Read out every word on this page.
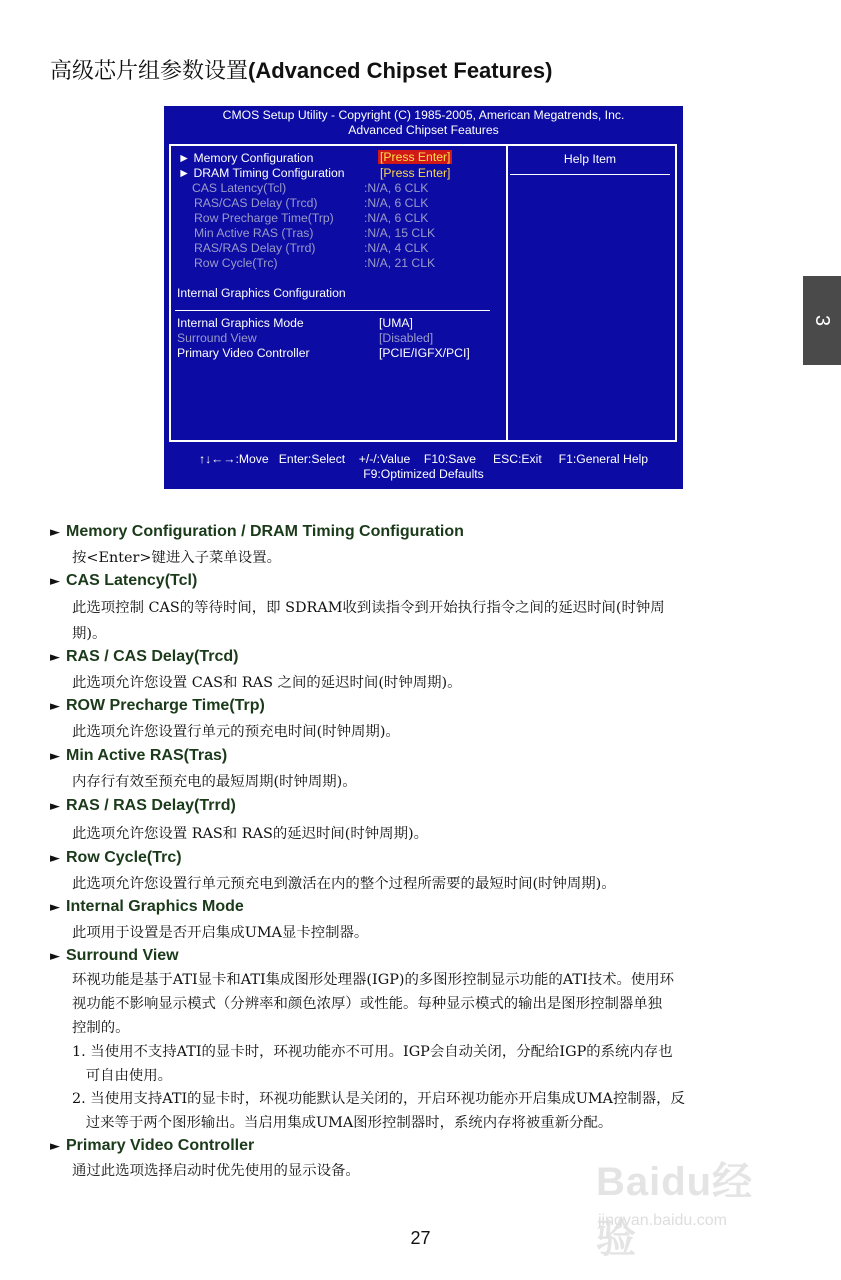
高级芯片组参数设置(Advanced Chipset Features)
3
CMOS Setup Utility - Copyright (C) 1985-2005, American Megatrends, Inc.
Advanced Chipset Features
Help Item
► Memory Configuration	[Press Enter]
► DRAM Timing Configuration	[Press Enter]
CAS Latency(Tcl)	:N/A, 6 CLK
RAS/CAS Delay (Trcd)	:N/A, 6 CLK
Row Precharge Time(Trp) :N/A, 6 CLK
Min Active RAS (Tras)	:N/A, 15 CLK
RAS/RAS Delay (Trrd)	:N/A, 4 CLK
Row Cycle(Trc)	:N/A, 21 CLK
Internal Graphics Configuration
Internal Graphics Mode	[UMA]
Surround View	[Disabled]
Primary Video Controller	[PCIE/IGFX/PCI]
↑↓←→:Move   Enter:Select    +/-/:Value    F10:Save     ESC:Exit     F1:General Help
F9:Optimized Defaults
► Memory Configuration / DRAM Timing Configuration
按<Enter>键进入子菜单设置。
► CAS Latency(Tcl)
此选项控制 CAS的等待时间，即 SDRAM收到读指令到开始执行指令之间的延迟时间(时钟周
期)。
► RAS / CAS Delay(Trcd)
此选项允许您设置 CAS和 RAS 之间的延迟时间(时钟周期)。
► ROW Precharge Time(Trp)
此选项允许您设置行单元的预充电时间(时钟周期)。
► Min Active RAS(Tras)
内存行有效至预充电的最短周期(时钟周期)。
► RAS / RAS Delay(Trrd)
此选项允许您设置 RAS和 RAS的延迟时间(时钟周期)。
► Row Cycle(Trc)
此选项允许您设置行单元预充电到激活在内的整个过程所需要的最短时间(时钟周期)。
► Internal Graphics Mode
此项用于设置是否开启集成UMA显卡控制器。
► Surround View
环视功能是基于ATI显卡和ATI集成图形处理器(IGP)的多图形控制显示功能的ATI技术。使用环
视功能不影响显示模式（分辨率和颜色浓厚）或性能。每种显示模式的输出是图形控制器单独
控制的。
1. 当使用不支持ATI的显卡时，环视功能亦不可用。IGP会自动关闭，分配给IGP的系统内存也
可自由使用。
2. 当使用支持ATI的显卡时，环视功能默认是关闭的，开启环视功能亦开启集成UMA控制器，反
过来等于两个图形输出。当启用集成UMA图形控制器时，系统内存将被重新分配。
► Primary Video Controller
通过此选项选择启动时优先使用的显示设备。	Baidu经验
jingyan.baidu.com
27
